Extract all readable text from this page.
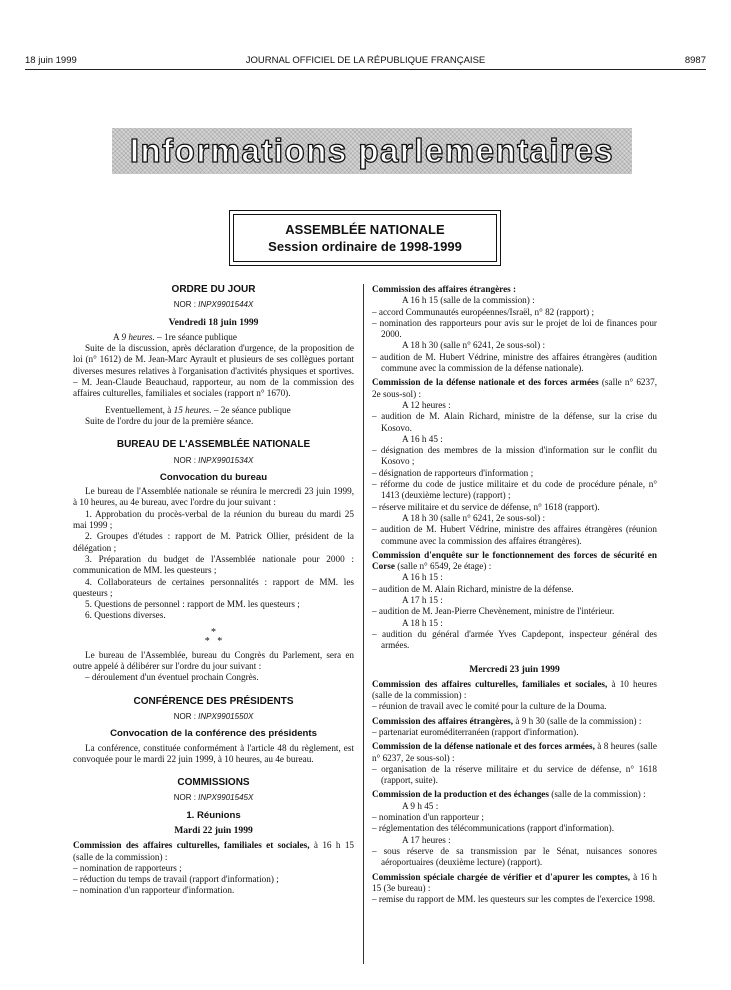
18 juin 1999	JOURNAL OFFICIEL DE LA RÉPUBLIQUE FRANÇAISE	8987
Informations parlementaires
ASSEMBLÉE NATIONALE
Session ordinaire de 1998-1999
ORDRE DU JOUR
NOR : INPX9901544X
Vendredi 18 juin 1999

A 9 heures. – 1re séance publique

Suite de la discussion, après déclaration d'urgence, de la proposition de loi (n° 1612) de M. Jean-Marc Ayrault et plusieurs de ses collègues portant diverses mesures relatives à l'organisation d'activités physiques et sportives. – M. Jean-Claude Beauchaud, rapporteur, au nom de la commission des affaires culturelles, familiales et sociales (rapport n° 1670).

Eventuellement, à 15 heures. – 2e séance publique

Suite de l'ordre du jour de la première séance.

BUREAU DE L'ASSEMBLÉE NATIONALE
NOR : INPX9901534X
Convocation du bureau

Le bureau de l'Assemblée nationale se réunira le mercredi 23 juin 1999, à 10 heures, au 4e bureau, avec l'ordre du jour suivant :

1. Approbation du procès-verbal de la réunion du bureau du mardi 25 mai 1999 ;

2. Groupes d'études : rapport de M. Patrick Ollier, président de la délégation ;

3. Préparation du budget de l'Assemblée nationale pour 2000 : communication de MM. les questeurs ;

4. Collaborateurs de certaines personnalités : rapport de MM. les questeurs ;

5. Questions de personnel : rapport de MM. les questeurs ;

6. Questions diverses.

*
*   *

Le bureau de l'Assemblée, bureau du Congrès du Parlement, sera en outre appelé à délibérer sur l'ordre du jour suivant :

– déroulement d'un éventuel prochain Congrès.

CONFÉRENCE DES PRÉSIDENTS
NOR : INPX9901550X
Convocation de la conférence des présidents

La conférence, constituée conformément à l'article 48 du règlement, est convoquée pour le mardi 22 juin 1999, à 10 heures, au 4e bureau.

COMMISSIONS
NOR : INPX9901545X
1. Réunions
Mardi 22 juin 1999

Commission des affaires culturelles, familiales et sociales, à 16 h 15 (salle de la commission) :

– nomination de rapporteurs ;

– réduction du temps de travail (rapport d'information) ;

– nomination d'un rapporteur d'information.

Commission des affaires étrangères :

A 16 h 15 (salle de la commission) :

– accord Communautés européennes/Israël, n° 82 (rapport) ;

– nomination des rapporteurs pour avis sur le projet de loi de finances pour 2000.

A 18 h 30 (salle n° 6241, 2e sous-sol) :

– audition de M. Hubert Védrine, ministre des affaires étrangères (audition commune avec la commission de la défense nationale).

Commission de la défense nationale et des forces armées (salle n° 6237, 2e sous-sol) :

A 12 heures :

– audition de M. Alain Richard, ministre de la défense, sur la crise du Kosovo.

A 16 h 45 :

– désignation des membres de la mission d'information sur le conflit du Kosovo ;

– désignation de rapporteurs d'information ;

– réforme du code de justice militaire et du code de procédure pénale, n° 1413 (deuxième lecture) (rapport) ;

– réserve militaire et du service de défense, n° 1618 (rapport).

A 18 h 30 (salle n° 6241, 2e sous-sol) :

– audition de M. Hubert Védrine, ministre des affaires étrangères (réunion commune avec la commission des affaires étrangères).

Commission d'enquête sur le fonctionnement des forces de sécurité en Corse (salle n° 6549, 2e étage) :

A 16 h 15 :

– audition de M. Alain Richard, ministre de la défense.

A 17 h 15 :

– audition de M. Jean-Pierre Chevènement, ministre de l'intérieur.

A 18 h 15 :

– audition du général d'armée Yves Capdepont, inspecteur général des armées.

Mercredi 23 juin 1999

Commission des affaires culturelles, familiales et sociales, à 10 heures (salle de la commission) :

– réunion de travail avec le comité pour la culture de la Douma.

Commission des affaires étrangères, à 9 h 30 (salle de la commission) :

– partenariat euroméditerranéen (rapport d'information).

Commission de la défense nationale et des forces armées, à 8 heures (salle n° 6237, 2e sous-sol) :

– organisation de la réserve militaire et du service de défense, n° 1618 (rapport, suite).

Commission de la production et des échanges (salle de la commission) :

A 9 h 45 :

– nomination d'un rapporteur ;

– réglementation des télécommunications (rapport d'information).

A 17 heures :

– sous réserve de sa transmission par le Sénat, nuisances sonores aéroportuaires (deuxième lecture) (rapport).

Commission spéciale chargée de vérifier et d'apurer les comptes, à 16 h 15 (3e bureau) :

– remise du rapport de MM. les questeurs sur les comptes de l'exercice 1998.
